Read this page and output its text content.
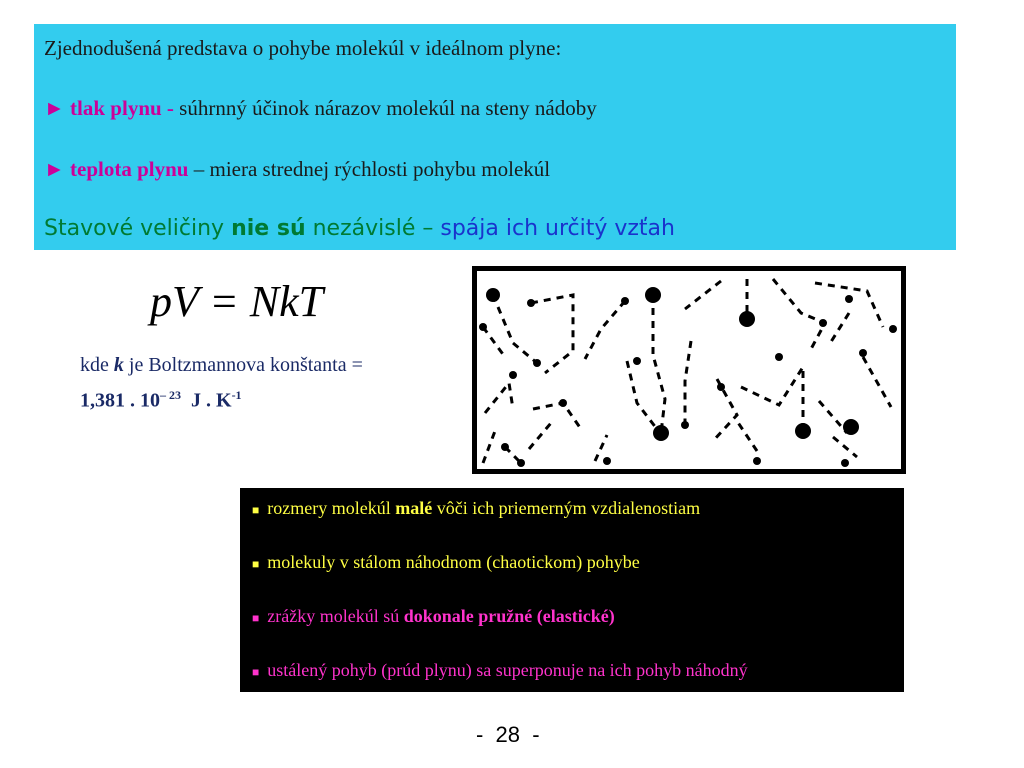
Zjednodušená predstava o pohybe molekúl v ideálnom plyne:
► tlak plynu - súhrnný účinok nárazov molekúl na steny nádoby
► teplota plynu – miera strednej rýchlosti pohybu molekúl
Stavové veličiny nie sú nezávislé – spája ich určitý vzťah
pV = NkT
kde k je Boltzmannova konštanta =
1,381 . $10^{- 23}$ J . $K^{-1}$
■ rozmery molekúl malé vôči ich priemerným vzdialenostiam
■ molekuly v stálom náhodnom (chaotickom) pohybe
■ zrážky molekúl sú dokonale pružné (elastické)
■ ustálený pohyb (prúd plynu) sa superponuje na ich pohyb náhodný
-  28  -
